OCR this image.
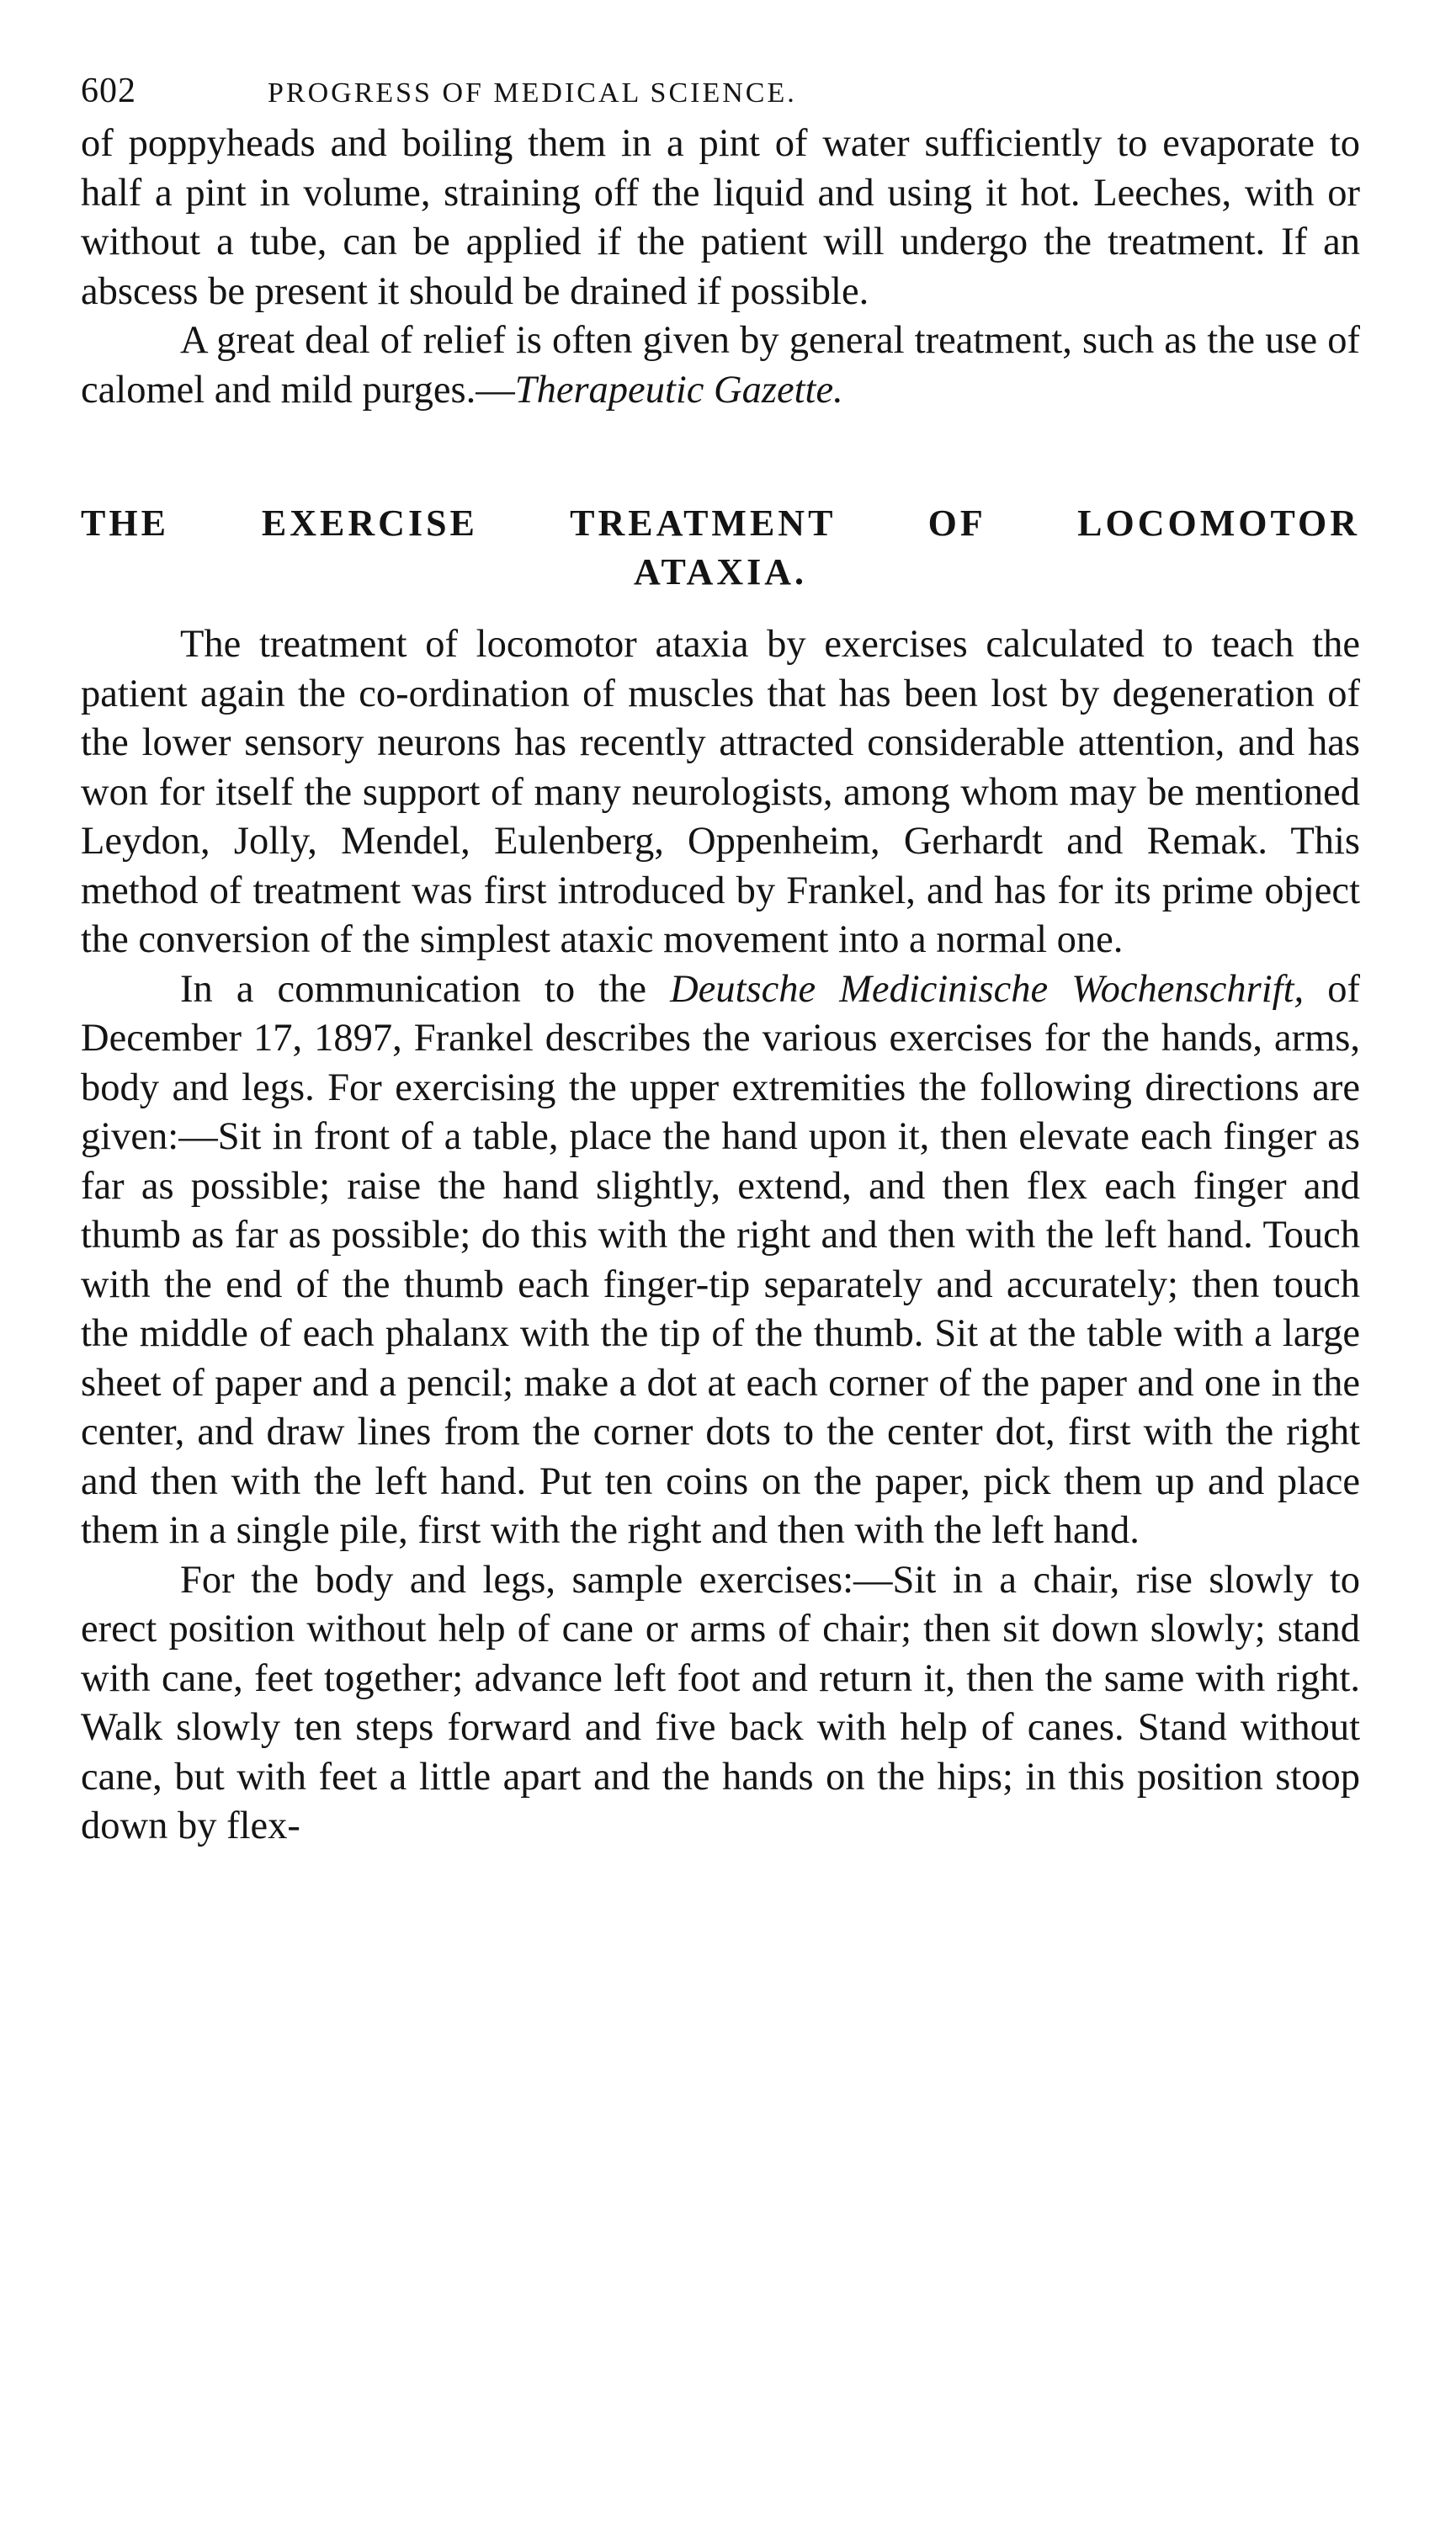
602	PROGRESS OF MEDICAL SCIENCE.

of poppyheads and boiling them in a pint of water sufficiently to evaporate to half a pint in volume, straining off the liquid and using it hot. Leeches, with or without a tube, can be applied if the patient will undergo the treatment. If an abscess be present it should be drained if possible.

A great deal of relief is often given by general treatment, such as the use of calomel and mild purges.—Therapeutic Gazette.

THE EXERCISE TREATMENT OF LOCOMOTOR
ATAXIA.

The treatment of locomotor ataxia by exercises calculated to teach the patient again the co-ordination of muscles that has been lost by degeneration of the lower sensory neurons has recently attracted considerable attention, and has won for itself the support of many neurologists, among whom may be mentioned Leydon, Jolly, Mendel, Eulenberg, Oppenheim, Gerhardt and Remak. This method of treatment was first introduced by Frankel, and has for its prime object the conversion of the simplest ataxic movement into a normal one.

In a communication to the Deutsche Medicinische Wochenschrift, of December 17, 1897, Frankel describes the various exercises for the hands, arms, body and legs. For exercising the upper extremities the following directions are given:—Sit in front of a table, place the hand upon it, then elevate each finger as far as possible; raise the hand slightly, extend, and then flex each finger and thumb as far as possible; do this with the right and then with the left hand. Touch with the end of the thumb each finger-tip separately and accurately; then touch the middle of each phalanx with the tip of the thumb. Sit at the table with a large sheet of paper and a pencil; make a dot at each corner of the paper and one in the center, and draw lines from the corner dots to the center dot, first with the right and then with the left hand. Put ten coins on the paper, pick them up and place them in a single pile, first with the right and then with the left hand.

For the body and legs, sample exercises:—Sit in a chair, rise slowly to erect position without help of cane or arms of chair; then sit down slowly; stand with cane, feet together; advance left foot and return it, then the same with right. Walk slowly ten steps forward and five back with help of canes. Stand without cane, but with feet a little apart and the hands on the hips; in this position stoop down by flex-
